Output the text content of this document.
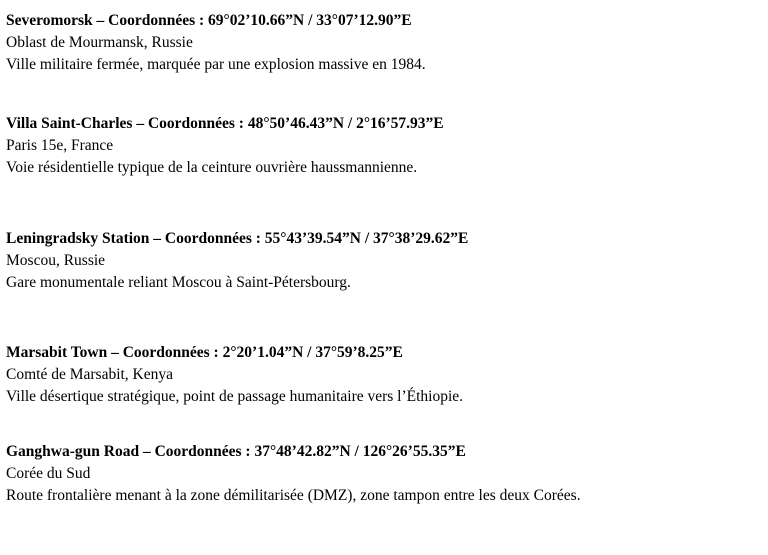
Severomorsk – Coordonnées : 69°02’10.66”N / 33°07’12.90”E
Oblast de Mourmansk, Russie
Ville militaire fermée, marquée par une explosion massive en 1984.
Villa Saint-Charles – Coordonnées : 48°50’46.43”N / 2°16’57.93”E
Paris 15e, France
Voie résidentielle typique de la ceinture ouvrière haussmannienne.
Leningradsky Station – Coordonnées : 55°43’39.54”N / 37°38’29.62”E
Moscou, Russie
Gare monumentale reliant Moscou à Saint-Pétersbourg.
Marsabit Town – Coordonnées : 2°20’1.04”N / 37°59’8.25”E
Comté de Marsabit, Kenya
Ville désertique stratégique, point de passage humanitaire vers l’Éthiopie.
Ganghwa-gun Road – Coordonnées : 37°48’42.82”N / 126°26’55.35”E
Corée du Sud
Route frontalière menant à la zone démilitarisée (DMZ), zone tampon entre les deux Corées.
